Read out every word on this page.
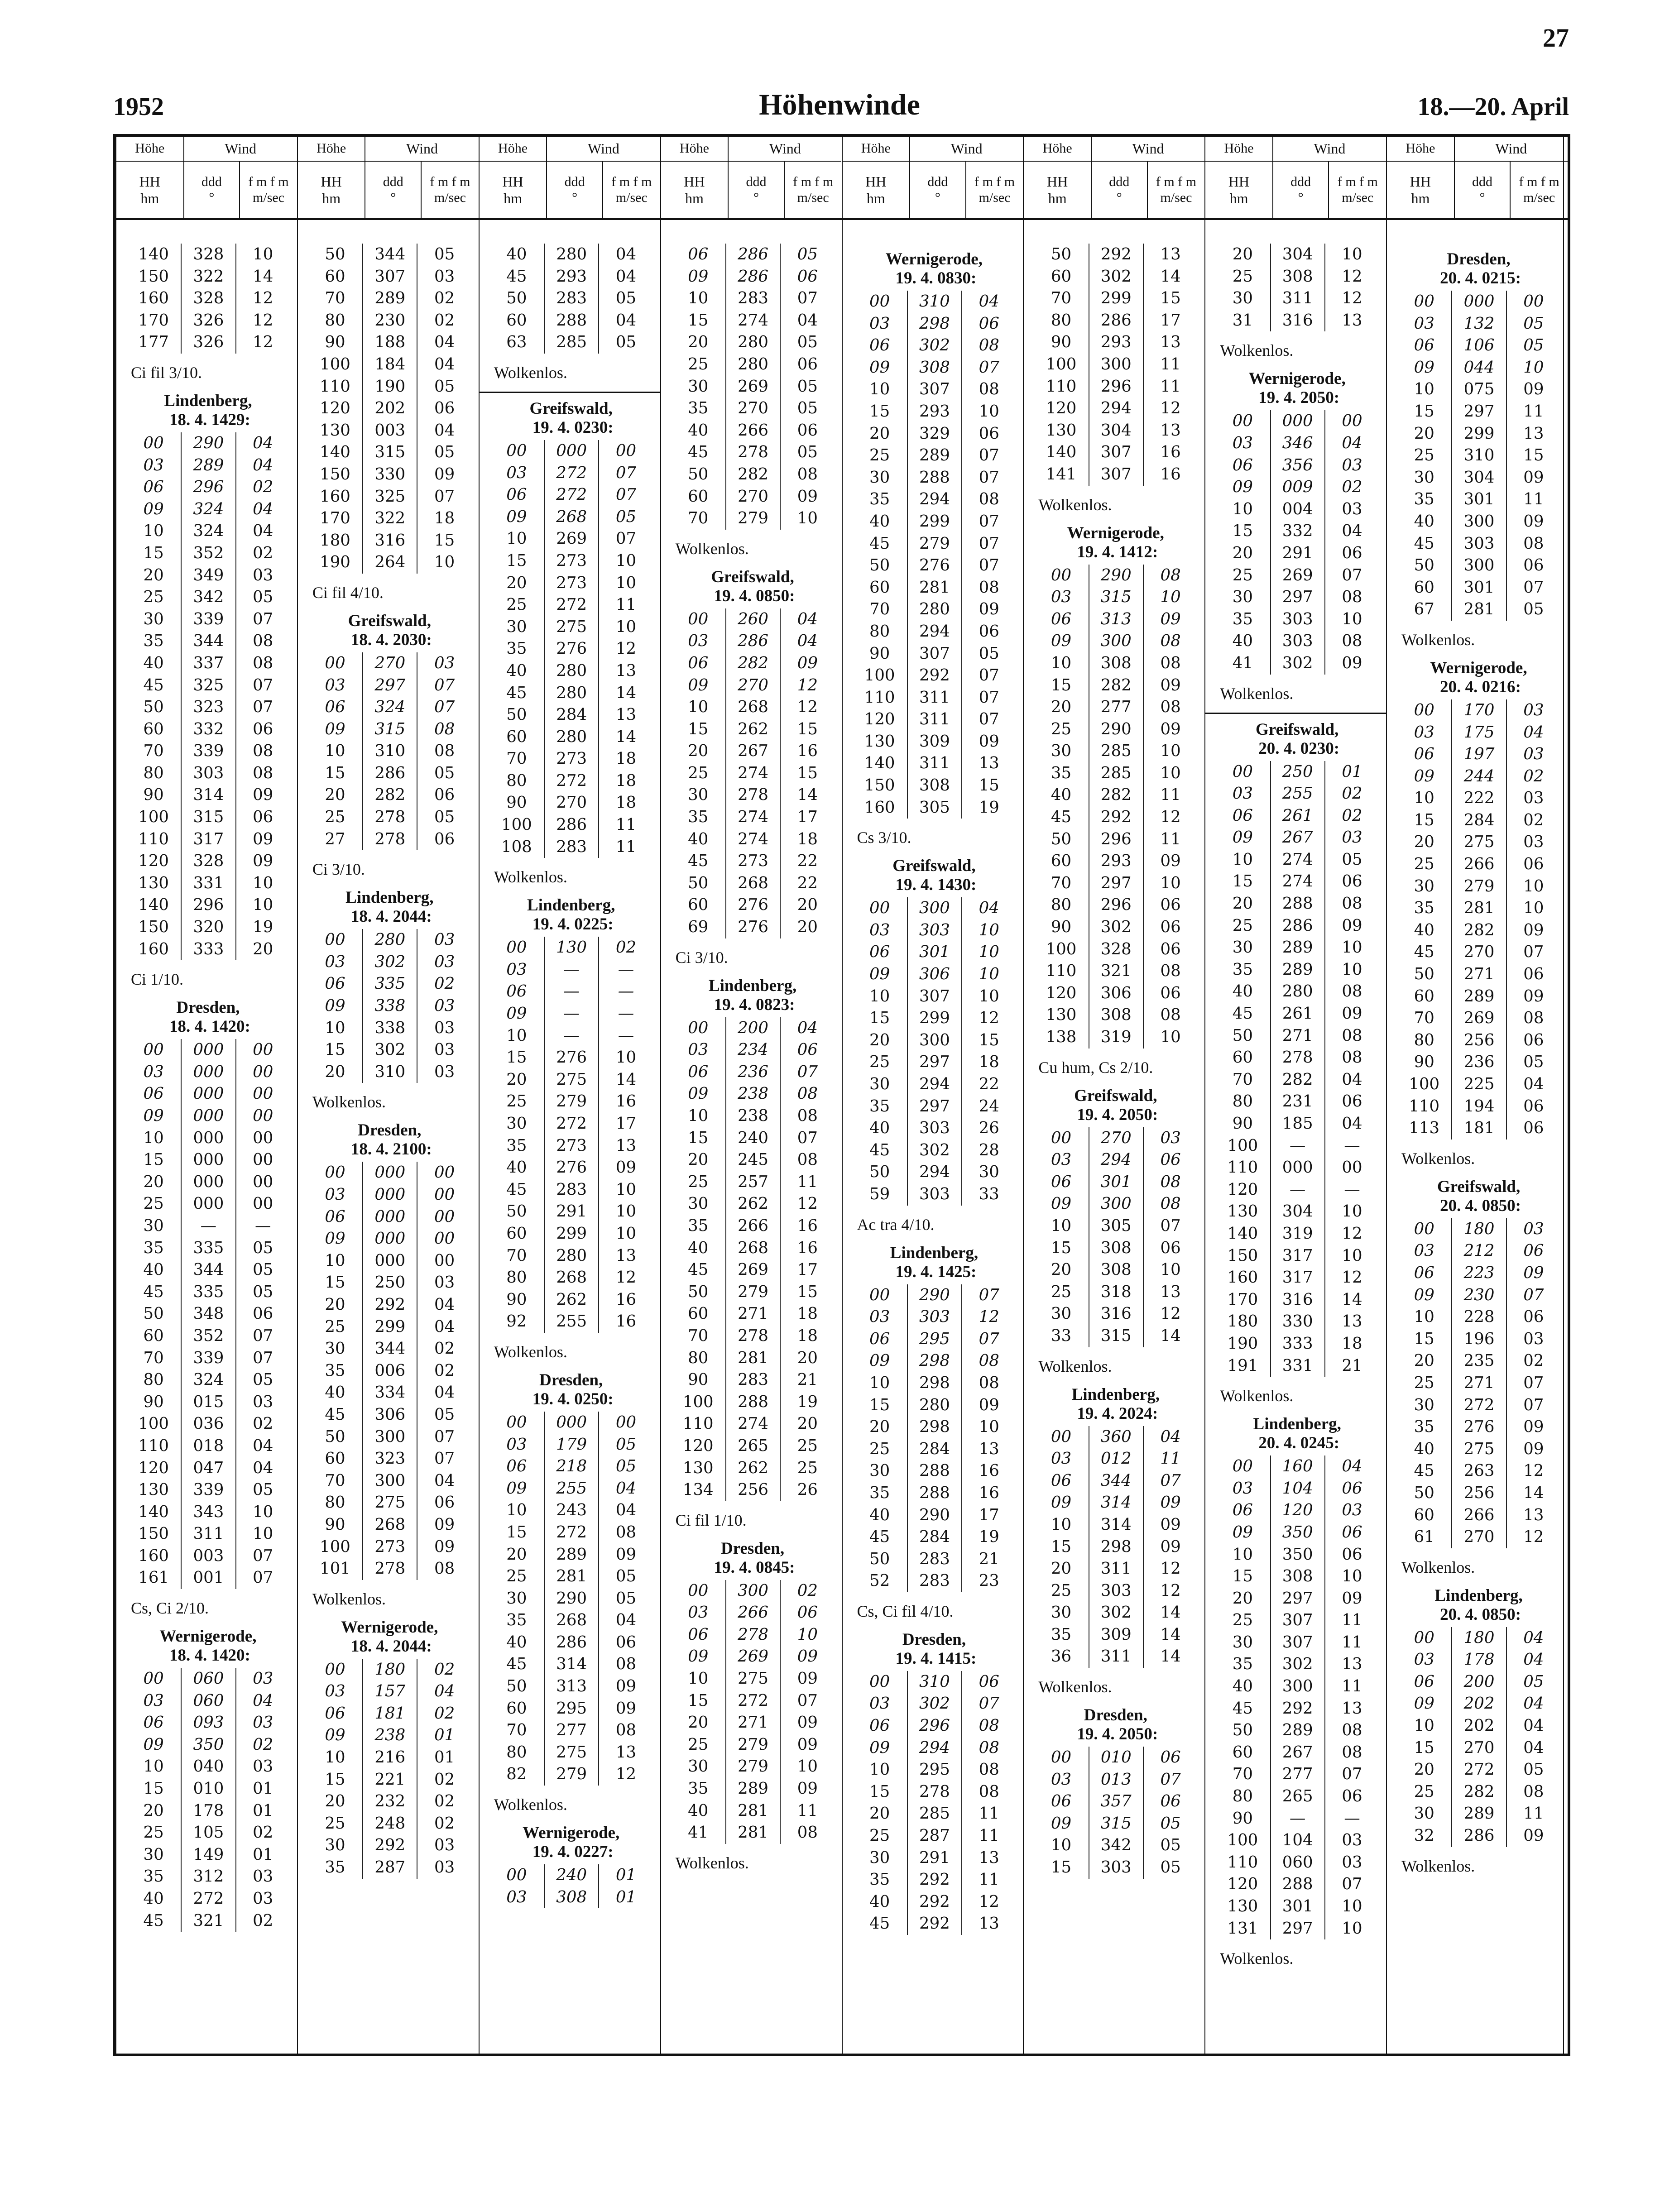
27
1952	Höhenwinde	18.—20. April
Höhe	Wind
HH
hm
ddd
°
f m f m
m/sec
140	328	10
150	322	14
160	328	12
170	326	12
177	326	12
Ci fil 3/10.
Lindenberg,
18. 4. 1429:
00	290	04
03	289	04
06	296	02
09	324	04
10	324	04
15	352	02
20	349	03
25	342	05
30	339	07
35	344	08
40	337	08
45	325	07
50	323	07
60	332	06
70	339	08
80	303	08
90	314	09
100	315	06
110	317	09
120	328	09
130	331	10
140	296	10
150	320	19
160	333	20
Ci 1/10.
Dresden,
18. 4. 1420:
00	000	00
03	000	00
06	000	00
09	000	00
10	000	00
15	000	00
20	000	00
25	000	00
30	—	—
35	335	05
40	344	05
45	335	05
50	348	06
60	352	07
70	339	07
80	324	05
90	015	03
100	036	02
110	018	04
120	047	04
130	339	05
140	343	10
150	311	10
160	003	07
161	001	07
Cs, Ci 2/10.
Wernigerode,
18. 4. 1420:
00	060	03
03	060	04
06	093	03
09	350	02
10	040	03
15	010	01
20	178	01
25	105	02
30	149	01
35	312	03
40	272	03
45	321	02
Höhe	Wind
HH
hm
ddd
°
f m f m
m/sec
50	344	05
60	307	03
70	289	02
80	230	02
90	188	04
100	184	04
110	190	05
120	202	06
130	003	04
140	315	05
150	330	09
160	325	07
170	322	18
180	316	15
190	264	10
Ci fil 4/10.
Greifswald,
18. 4. 2030:
00	270	03
03	297	07
06	324	07
09	315	08
10	310	08
15	286	05
20	282	06
25	278	05
27	278	06
Ci 3/10.
Lindenberg,
18. 4. 2044:
00	280	03
03	302	03
06	335	02
09	338	03
10	338	03
15	302	03
20	310	03
Wolkenlos.
Dresden,
18. 4. 2100:
00	000	00
03	000	00
06	000	00
09	000	00
10	000	00
15	250	03
20	292	04
25	299	04
30	344	02
35	006	02
40	334	04
45	306	05
50	300	07
60	323	07
70	300	04
80	275	06
90	268	09
100	273	09
101	278	08
Wolkenlos.
Wernigerode,
18. 4. 2044:
00	180	02
03	157	04
06	181	02
09	238	01
10	216	01
15	221	02
20	232	02
25	248	02
30	292	03
35	287	03
Höhe	Wind
HH
hm
ddd
°
f m f m
m/sec
40	280	04
45	293	04
50	283	05
60	288	04
63	285	05
Wolkenlos.
Greifswald,
19. 4. 0230:
00	000	00
03	272	07
06	272	07
09	268	05
10	269	07
15	273	10
20	273	10
25	272	11
30	275	10
35	276	12
40	280	13
45	280	14
50	284	13
60	280	14
70	273	18
80	272	18
90	270	18
100	286	11
108	283	11
Wolkenlos.
Lindenberg,
19. 4. 0225:
00	130	02
03	—	—
06	—	—
09	—	—
10	—	—
15	276	10
20	275	14
25	279	16
30	272	17
35	273	13
40	276	09
45	283	10
50	291	10
60	299	10
70	280	13
80	268	12
90	262	16
92	255	16
Wolkenlos.
Dresden,
19. 4. 0250:
00	000	00
03	179	05
06	218	05
09	255	04
10	243	04
15	272	08
20	289	09
25	281	05
30	290	05
35	268	04
40	286	06
45	314	08
50	313	09
60	295	09
70	277	08
80	275	13
82	279	12
Wolkenlos.
Wernigerode,
19. 4. 0227:
00	240	01
03	308	01
Höhe	Wind
HH
hm
ddd
°
f m f m
m/sec
06	286	05
09	286	06
10	283	07
15	274	04
20	280	05
25	280	06
30	269	05
35	270	05
40	266	06
45	278	05
50	282	08
60	270	09
70	279	10
Wolkenlos.
Greifswald,
19. 4. 0850:
00	260	04
03	286	04
06	282	09
09	270	12
10	268	12
15	262	15
20	267	16
25	274	15
30	278	14
35	274	17
40	274	18
45	273	22
50	268	22
60	276	20
69	276	20
Ci 3/10.
Lindenberg,
19. 4. 0823:
00	200	04
03	234	06
06	236	07
09	238	08
10	238	08
15	240	07
20	245	08
25	257	11
30	262	12
35	266	16
40	268	16
45	269	17
50	279	15
60	271	18
70	278	18
80	281	20
90	283	21
100	288	19
110	274	20
120	265	25
130	262	25
134	256	26
Ci fil 1/10.
Dresden,
19. 4. 0845:
00	300	02
03	266	06
06	278	10
09	269	09
10	275	09
15	272	07
20	271	09
25	279	09
30	279	10
35	289	09
40	281	11
41	281	08
Wolkenlos.
Höhe	Wind
HH
hm
ddd
°
f m f m
m/sec
Wernigerode,
19. 4. 0830:
00	310	04
03	298	06
06	302	08
09	308	07
10	307	08
15	293	10
20	329	06
25	289	07
30	288	07
35	294	08
40	299	07
45	279	07
50	276	07
60	281	08
70	280	09
80	294	06
90	307	05
100	292	07
110	311	07
120	311	07
130	309	09
140	311	13
150	308	15
160	305	19
Cs 3/10.
Greifswald,
19. 4. 1430:
00	300	04
03	303	10
06	301	10
09	306	10
10	307	10
15	299	12
20	300	15
25	297	18
30	294	22
35	297	24
40	303	26
45	302	28
50	294	30
59	303	33
Ac tra 4/10.
Lindenberg,
19. 4. 1425:
00	290	07
03	303	12
06	295	07
09	298	08
10	298	08
15	280	09
20	298	10
25	284	13
30	288	16
35	288	16
40	290	17
45	284	19
50	283	21
52	283	23
Cs, Ci fil 4/10.
Dresden,
19. 4. 1415:
00	310	06
03	302	07
06	296	08
09	294	08
10	295	08
15	278	08
20	285	11
25	287	11
30	291	13
35	292	11
40	292	12
45	292	13
Höhe	Wind
HH
hm
ddd
°
f m f m
m/sec
50	292	13
60	302	14
70	299	15
80	286	17
90	293	13
100	300	11
110	296	11
120	294	12
130	304	13
140	307	16
141	307	16
Wolkenlos.
Wernigerode,
19. 4. 1412:
00	290	08
03	315	10
06	313	09
09	300	08
10	308	08
15	282	09
20	277	08
25	290	09
30	285	10
35	285	10
40	282	11
45	292	12
50	296	11
60	293	09
70	297	10
80	296	06
90	302	06
100	328	06
110	321	08
120	306	06
130	308	08
138	319	10
Cu hum, Cs 2/10.
Greifswald,
19. 4. 2050:
00	270	03
03	294	06
06	301	08
09	300	08
10	305	07
15	308	06
20	308	10
25	318	13
30	316	12
33	315	14
Wolkenlos.
Lindenberg,
19. 4. 2024:
00	360	04
03	012	11
06	344	07
09	314	09
10	314	09
15	298	09
20	311	12
25	303	12
30	302	14
35	309	14
36	311	14
Wolkenlos.
Dresden,
19. 4. 2050:
00	010	06
03	013	07
06	357	06
09	315	05
10	342	05
15	303	05
Höhe	Wind
HH
hm
ddd
°
f m f m
m/sec
20	304	10
25	308	12
30	311	12
31	316	13
Wolkenlos.
Wernigerode,
19. 4. 2050:
00	000	00
03	346	04
06	356	03
09	009	02
10	004	03
15	332	04
20	291	06
25	269	07
30	297	08
35	303	10
40	303	08
41	302	09
Wolkenlos.
Greifswald,
20. 4. 0230:
00	250	01
03	255	02
06	261	02
09	267	03
10	274	05
15	274	06
20	288	08
25	286	09
30	289	10
35	289	10
40	280	08
45	261	09
50	271	08
60	278	08
70	282	04
80	231	06
90	185	04
100	—	—
110	000	00
120	—	—
130	304	10
140	319	12
150	317	10
160	317	12
170	316	14
180	330	13
190	333	18
191	331	21
Wolkenlos.
Lindenberg,
20. 4. 0245:
00	160	04
03	104	06
06	120	03
09	350	06
10	350	06
15	308	10
20	297	09
25	307	11
30	307	11
35	302	13
40	300	11
45	292	13
50	289	08
60	267	08
70	277	07
80	265	06
90	—	—
100	104	03
110	060	03
120	288	07
130	301	10
131	297	10
Wolkenlos.
Höhe	Wind
HH
hm
ddd
°
f m f m
m/sec
Dresden,
20. 4. 0215:
00	000	00
03	132	05
06	106	05
09	044	10
10	075	09
15	297	11
20	299	13
25	310	15
30	304	09
35	301	11
40	300	09
45	303	08
50	300	06
60	301	07
67	281	05
Wolkenlos.
Wernigerode,
20. 4. 0216:
00	170	03
03	175	04
06	197	03
09	244	02
10	222	03
15	284	02
20	275	03
25	266	06
30	279	10
35	281	10
40	282	09
45	270	07
50	271	06
60	289	09
70	269	08
80	256	06
90	236	05
100	225	04
110	194	06
113	181	06
Wolkenlos.
Greifswald,
20. 4. 0850:
00	180	03
03	212	06
06	223	09
09	230	07
10	228	06
15	196	03
20	235	02
25	271	07
30	272	07
35	276	09
40	275	09
45	263	12
50	256	14
60	266	13
61	270	12
Wolkenlos.
Lindenberg,
20. 4. 0850:
00	180	04
03	178	04
06	200	05
09	202	04
10	202	04
15	270	04
20	272	05
25	282	08
30	289	11
32	286	09
Wolkenlos.
